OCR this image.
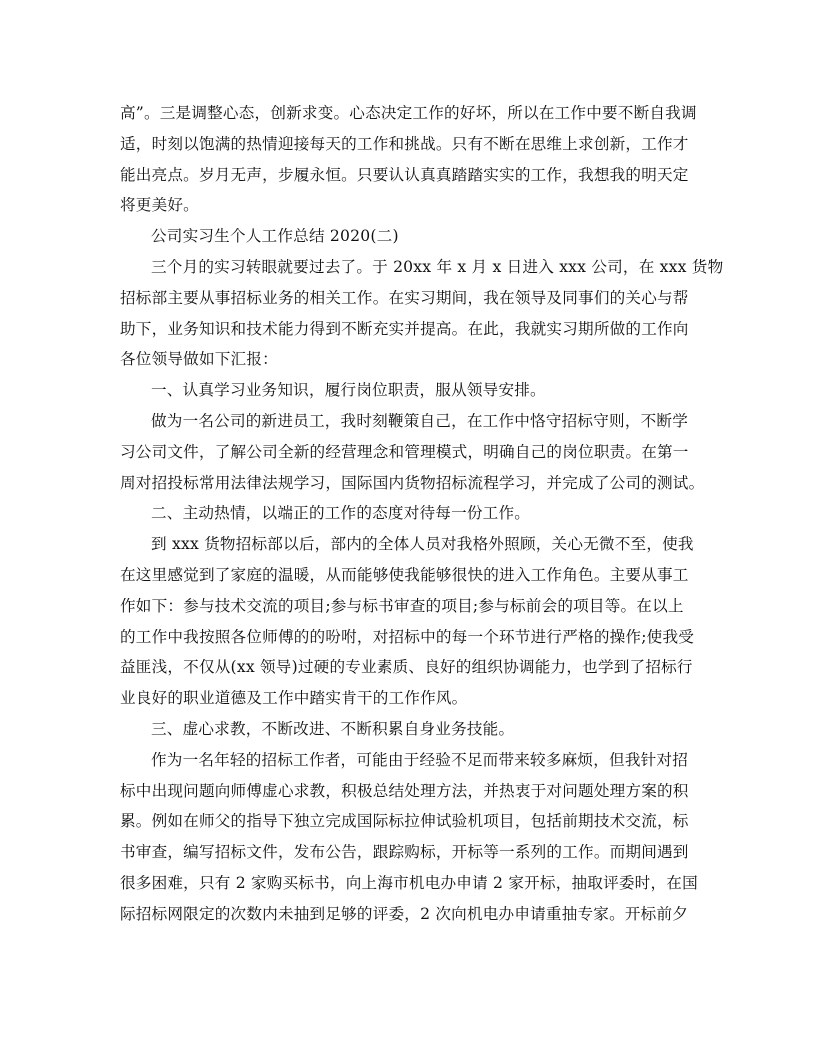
高”。三是调整心态，创新求变。心态决定工作的好坏，所以在工作中要不断自我调
适，时刻以饱满的热情迎接每天的工作和挑战。只有不断在思维上求创新，工作才
能出亮点。岁月无声，步履永恒。只要认认真真踏踏实实的工作，我想我的明天定
将更美好。
公司实习生个人工作总结 2020(二)
三个月的实习转眼就要过去了。于 20xx 年 x 月 x 日进入 xxx 公司，在 xxx 货物
招标部主要从事招标业务的相关工作。在实习期间，我在领导及同事们的关心与帮
助下，业务知识和技术能力得到不断充实并提高。在此，我就实习期所做的工作向
各位领导做如下汇报：
一、认真学习业务知识，履行岗位职责，服从领导安排。
做为一名公司的新进员工，我时刻鞭策自己，在工作中恪守招标守则，不断学
习公司文件，了解公司全新的经营理念和管理模式，明确自己的岗位职责。在第一
周对招投标常用法律法规学习，国际国内货物招标流程学习，并完成了公司的测试。
二、主动热情，以端正的工作的态度对待每一份工作。
到 xxx 货物招标部以后，部内的全体人员对我格外照顾，关心无微不至，使我
在这里感觉到了家庭的温暖，从而能够使我能够很快的进入工作角色。主要从事工
作如下：参与技术交流的项目;参与标书审查的项目;参与标前会的项目等。在以上
的工作中我按照各位师傅的的吩咐，对招标中的每一个环节进行严格的操作;使我受
益匪浅，不仅从(xx 领导)过硬的专业素质、良好的组织协调能力，也学到了招标行
业良好的职业道德及工作中踏实肯干的工作作风。
三、虚心求教，不断改进、不断积累自身业务技能。
作为一名年轻的招标工作者，可能由于经验不足而带来较多麻烦，但我针对招
标中出现问题向师傅虚心求教，积极总结处理方法，并热衷于对问题处理方案的积
累。例如在师父的指导下独立完成国际标拉伸试验机项目，包括前期技术交流，标
书审查，编写招标文件，发布公告，跟踪购标，开标等一系列的工作。而期间遇到
很多困难，只有 2 家购买标书，向上海市机电办申请 2 家开标，抽取评委时，在国
际招标网限定的次数内未抽到足够的评委，2 次向机电办申请重抽专家。开标前夕
